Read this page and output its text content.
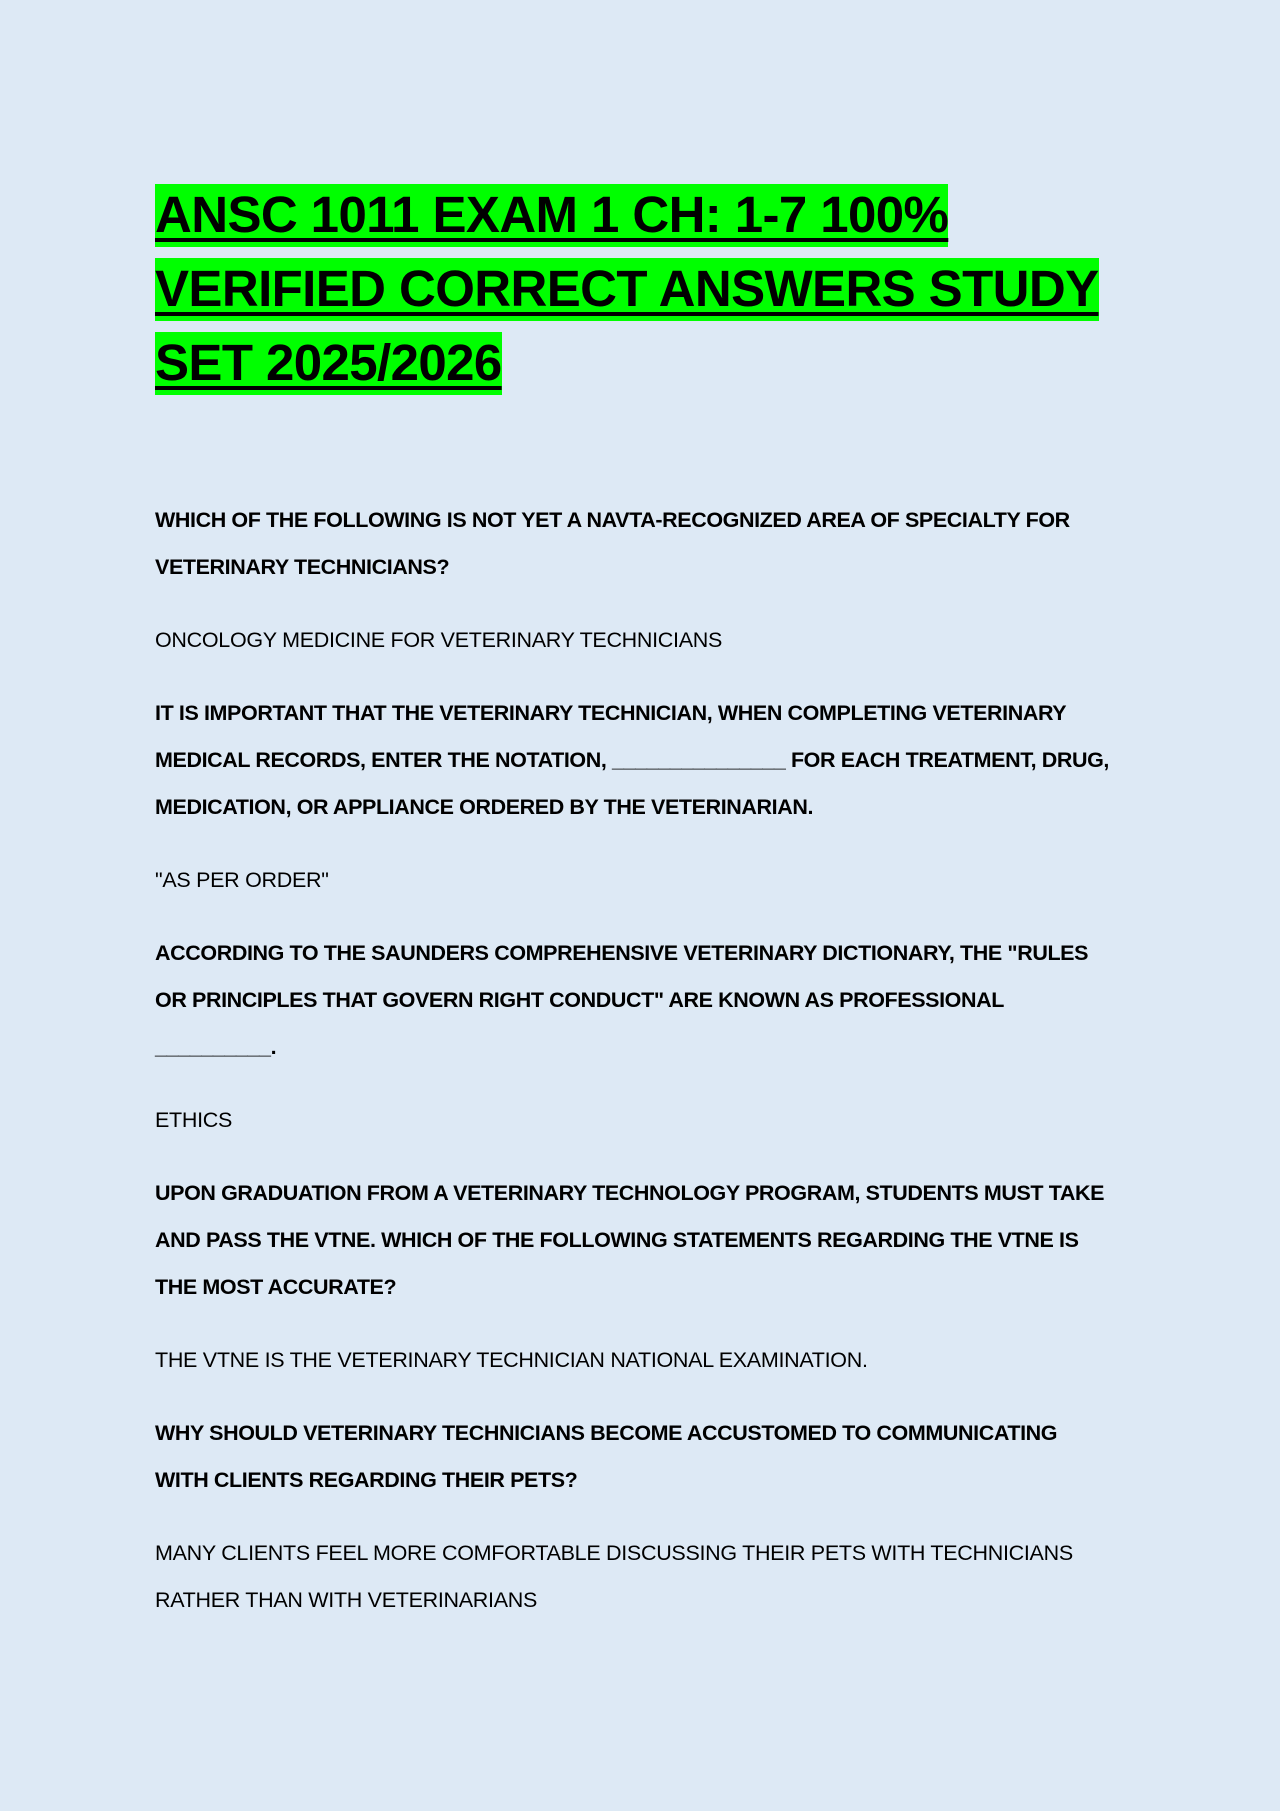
ANSC 1011 EXAM 1 CH: 1-7 100% VERIFIED CORRECT ANSWERS STUDY SET 2025/2026

WHICH OF THE FOLLOWING IS NOT YET A NAVTA-RECOGNIZED AREA OF SPECIALTY FOR VETERINARY TECHNICIANS?

ONCOLOGY MEDICINE FOR VETERINARY TECHNICIANS

IT IS IMPORTANT THAT THE VETERINARY TECHNICIAN, WHEN COMPLETING VETERINARY MEDICAL RECORDS, ENTER THE NOTATION, _______________ FOR EACH TREATMENT, DRUG, MEDICATION, OR APPLIANCE ORDERED BY THE VETERINARIAN.

"AS PER ORDER"

ACCORDING TO THE SAUNDERS COMPREHENSIVE VETERINARY DICTIONARY, THE "RULES OR PRINCIPLES THAT GOVERN RIGHT CONDUCT" ARE KNOWN AS PROFESSIONAL __________.

ETHICS

UPON GRADUATION FROM A VETERINARY TECHNOLOGY PROGRAM, STUDENTS MUST TAKE AND PASS THE VTNE. WHICH OF THE FOLLOWING STATEMENTS REGARDING THE VTNE IS THE MOST ACCURATE?

THE VTNE IS THE VETERINARY TECHNICIAN NATIONAL EXAMINATION.

WHY SHOULD VETERINARY TECHNICIANS BECOME ACCUSTOMED TO COMMUNICATING WITH CLIENTS REGARDING THEIR PETS?

MANY CLIENTS FEEL MORE COMFORTABLE DISCUSSING THEIR PETS WITH TECHNICIANS RATHER THAN WITH VETERINARIANS
